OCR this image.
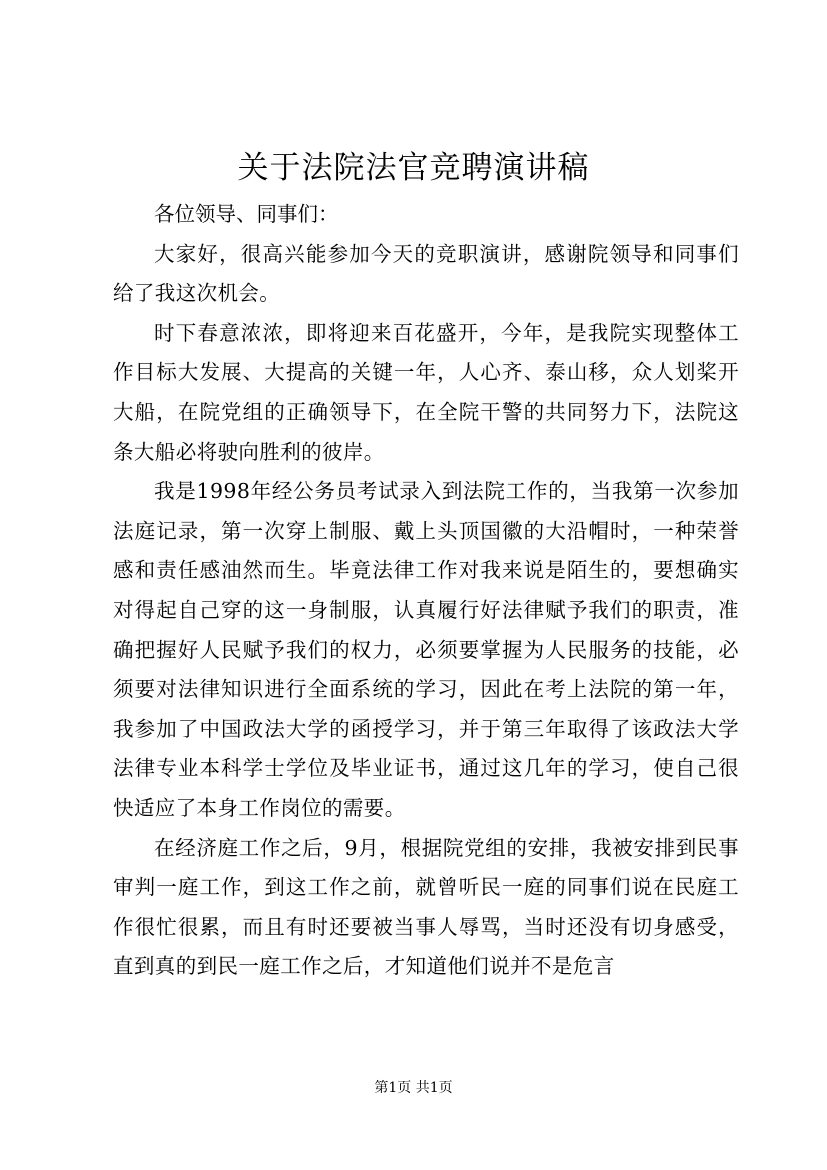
关于法院法官竞聘演讲稿

各位领导、同事们：

大家好，很高兴能参加今天的竞职演讲，感谢院领导和同事们给了我这次机会。

时下春意浓浓，即将迎来百花盛开，今年，是我院实现整体工作目标大发展、大提高的关键一年，人心齐、泰山移，众人划桨开大船，在院党组的正确领导下，在全院干警的共同努力下，法院这条大船必将驶向胜利的彼岸。

我是1998年经公务员考试录入到法院工作的，当我第一次参加法庭记录，第一次穿上制服、戴上头顶国徽的大沿帽时，一种荣誉感和责任感油然而生。毕竟法律工作对我来说是陌生的，要想确实对得起自己穿的这一身制服，认真履行好法律赋予我们的职责，准确把握好人民赋予我们的权力，必须要掌握为人民服务的技能，必须要对法律知识进行全面系统的学习，因此在考上法院的第一年，我参加了中国政法大学的函授学习，并于第三年取得了该政法大学法律专业本科学士学位及毕业证书，通过这几年的学习，使自己很快适应了本身工作岗位的需要。

在经济庭工作之后，9月，根据院党组的安排，我被安排到民事审判一庭工作，到这工作之前，就曾听民一庭的同事们说在民庭工作很忙很累，而且有时还要被当事人辱骂，当时还没有切身感受，直到真的到民一庭工作之后，才知道他们说并不是危言

第1页 共1页
